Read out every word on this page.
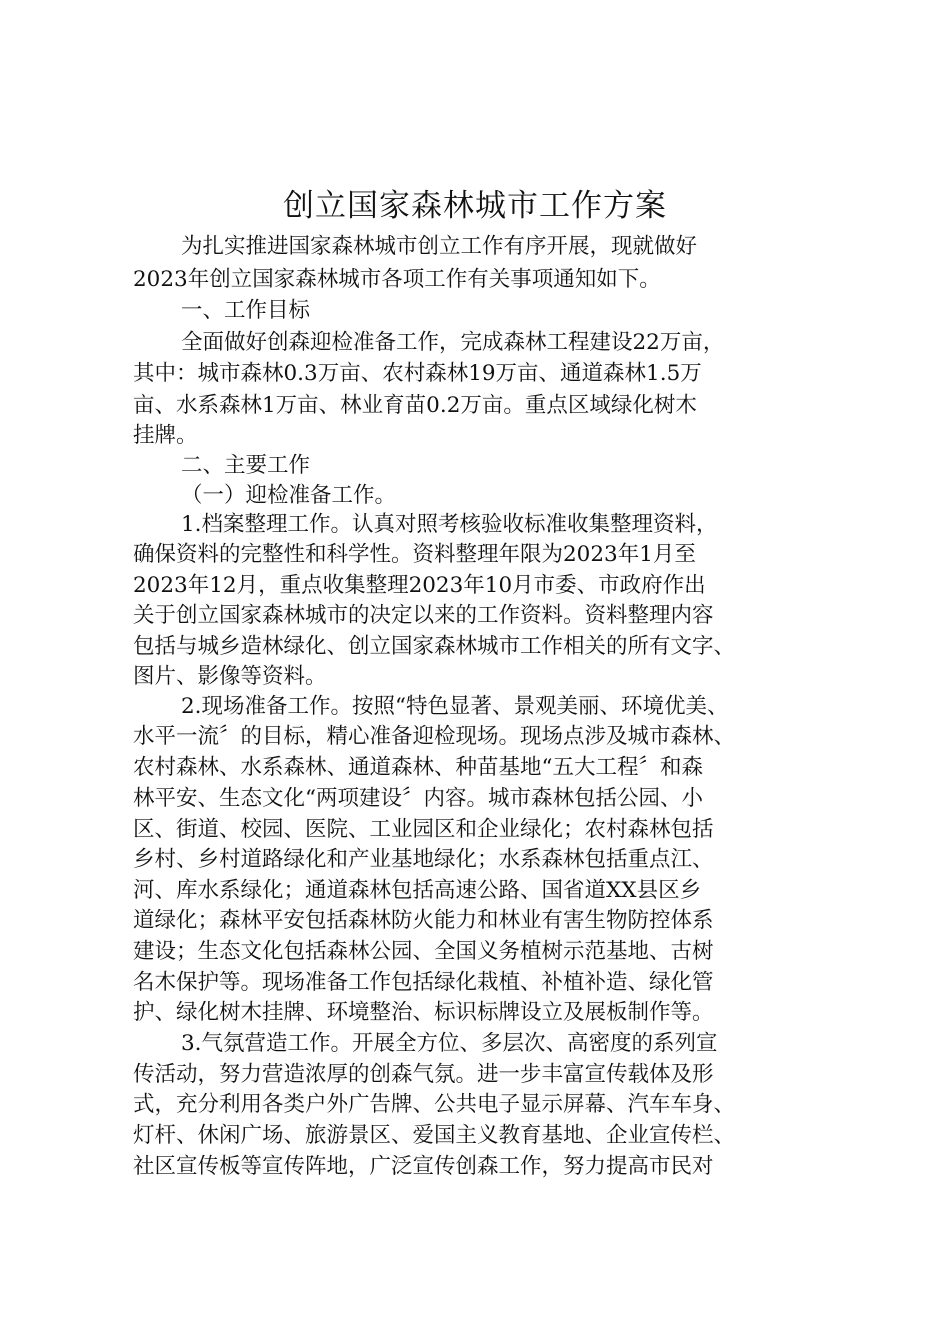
创立国家森林城市工作方案

为扎实推进国家森林城市创立工作有序开展，现就做好

2023年创立国家森林城市各项工作有关事项通知如下。

一、工作目标

全面做好创森迎检准备工作，完成森林工程建设22万亩，

其中：城市森林0.3万亩、农村森林19万亩、通道森林1.5万

亩、水系森林1万亩、林业育苗0.2万亩。重点区域绿化树木

挂牌。

二、主要工作

（一）迎检准备工作。

1.档案整理工作。认真对照考核验收标准收集整理资料，

确保资料的完整性和科学性。资料整理年限为2023年1月至

2023年12月，重点收集整理2023年10月市委、市政府作出

关于创立国家森林城市的决定以来的工作资料。资料整理内容

包括与城乡造林绿化、创立国家森林城市工作相关的所有文字、

图片、影像等资料。

2.现场准备工作。按照“特色显著、景观美丽、环境优美、

水平一流〞的目标，精心准备迎检现场。现场点涉及城市森林、

农村森林、水系森林、通道森林、种苗基地“五大工程〞和森

林平安、生态文化“两项建设〞内容。城市森林包括公园、小

区、街道、校园、医院、工业园区和企业绿化；农村森林包括

乡村、乡村道路绿化和产业基地绿化；水系森林包括重点江、

河、库水系绿化；通道森林包括高速公路、国省道XX县区乡

道绿化；森林平安包括森林防火能力和林业有害生物防控体系

建设；生态文化包括森林公园、全国义务植树示范基地、古树

名木保护等。现场准备工作包括绿化栽植、补植补造、绿化管

护、绿化树木挂牌、环境整治、标识标牌设立及展板制作等。

3.气氛营造工作。开展全方位、多层次、高密度的系列宣

传活动，努力营造浓厚的创森气氛。进一步丰富宣传载体及形

式，充分利用各类户外广告牌、公共电子显示屏幕、汽车车身、

灯杆、休闲广场、旅游景区、爱国主义教育基地、企业宣传栏、

社区宣传板等宣传阵地，广泛宣传创森工作，努力提高市民对
